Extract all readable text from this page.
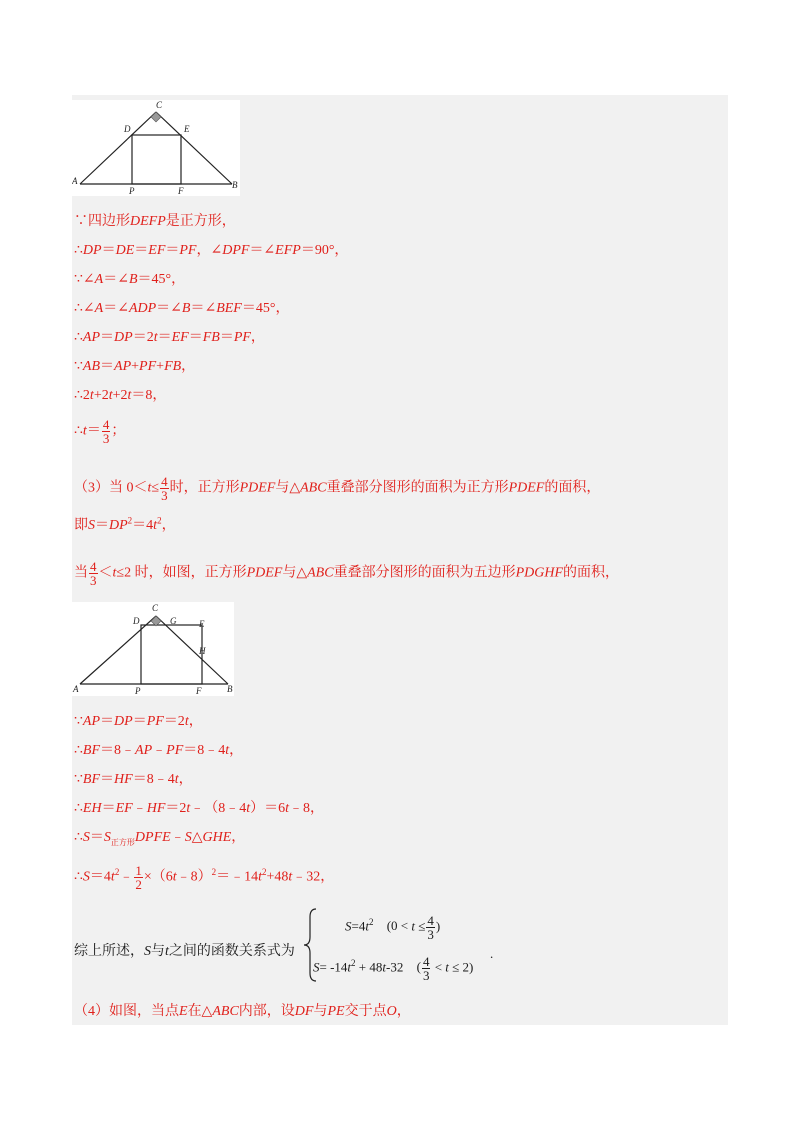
C
D	E
A
P	F
B
∵四边形DEFP是正方形，
∴DP＝DE＝EF＝PF，∠DPF＝∠EFP＝90°，
∵∠A＝∠B＝45°，
∴∠A＝∠ADP＝∠B＝∠BEF＝45°，
∴AP＝DP＝2t＝EF＝FB＝PF，
∵AB＝AP+PF+FB，
∴2t+2t+2t＝8，
∴t＝ $\frac{4}{3}$ ；
（3）当 $0<t\le \frac{4}{3}$ 时，正方形PDEF与△ABC重叠部分图形的面积为正方形PDEF的面积，
即$S=DP^2=4t^2$，
当 $\frac{4}{3} <t\le 2$ 时，如图，正方形PDEF与△ABC重叠部分图形的面积为五边形PDGHF的面积，
C
D	G	E
H
A	P	F	B
∵AP＝DP＝PF＝2t，
∴BF＝8﹣AP﹣PF＝8﹣4t，
∵BF＝HF＝8﹣4t，
∴EH＝EF﹣HF＝2t﹣（8﹣4t）＝6t﹣8，
$\therefore S=S_{正方形}DPFE﹣S\triangle GHE$，
$\therefore S=4t^2﹣ \frac{1}{2}$ $\times(6t﹣8)^2=﹣14t^2+48t﹣32$，
综上所述，S与t之间的函数关系式为
$S=4t^2$ ($0 < t \le \frac{4}{3}$ )
$S= -14t^2 + 48t-32$ ( $\frac{4}{3} < t \le 2$)
.
（4）如图，当点E在△ABC内部，设DF与PE交于点O，
